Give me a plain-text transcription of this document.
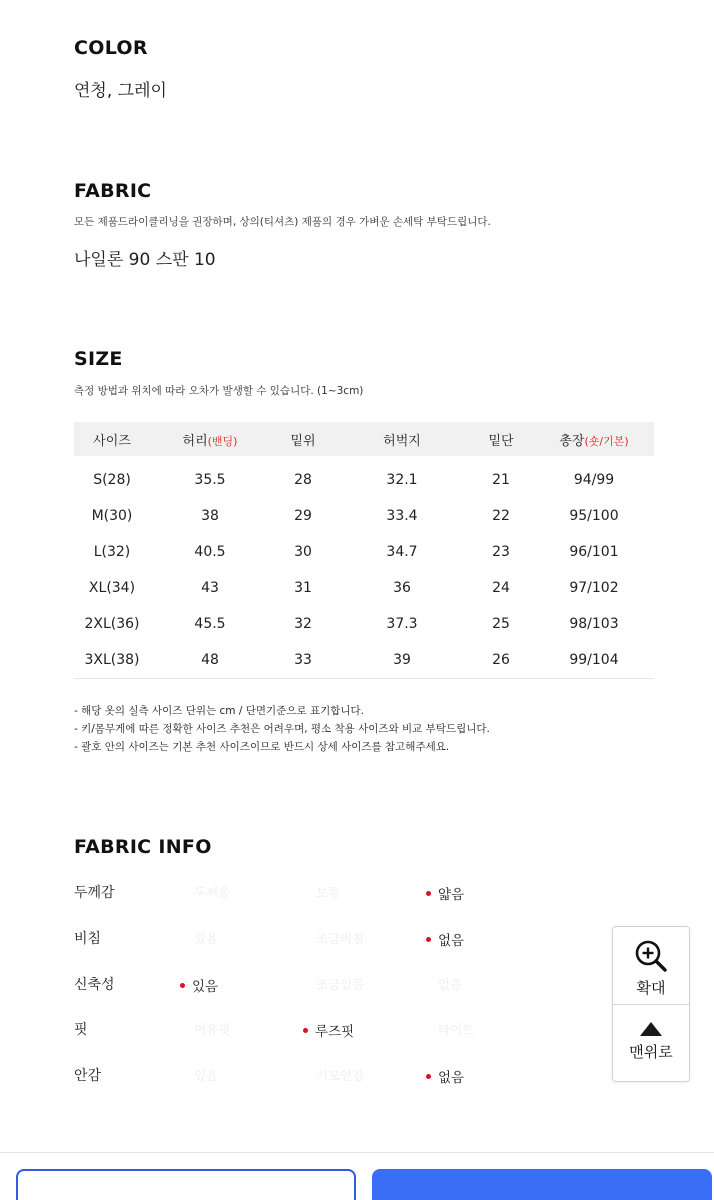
COLOR
연청, 그레이
FABRIC
모든 제품드라이클리닝을 권장하며, 상의(티셔츠) 제품의 경우 가벼운 손세탁 부탁드립니다.
나일론 90 스판 10
SIZE
측정 방법과 위치에 따라 오차가 발생할 수 있습니다. (1~3cm)
사이즈	허리(밴딩)	밑위	허벅지	밑단	총장(숏/기본)
S(28)	35.5	28	32.1	21	94/99
M(30)	38	29	33.4	22	95/100
L(32)	40.5	30	34.7	23	96/101
XL(34)	43	31	36	24	97/102
2XL(36)	45.5	32	37.3	25	98/103
3XL(38)	48	33	39	26	99/104
- 해당 옷의 실측 사이즈 단위는 cm / 단면기준으로 표기합니다.
- 키/몸무게에 따른 정확한 사이즈 추천은 어려우며, 평소 착용 사이즈와 비교 부탁드립니다.
- 괄호 안의 사이즈는 기본 추천 사이즈이므로 반드시 상세 사이즈를 참고해주세요.
FABRIC INFO
두께감	두꺼움	보통	얇음
비침	있음	조금비침	없음
신축성	있음	조금있음	없음
핏	여유핏	루즈핏	타이트
안감	있음	기모안감	없음
확대
맨위로
